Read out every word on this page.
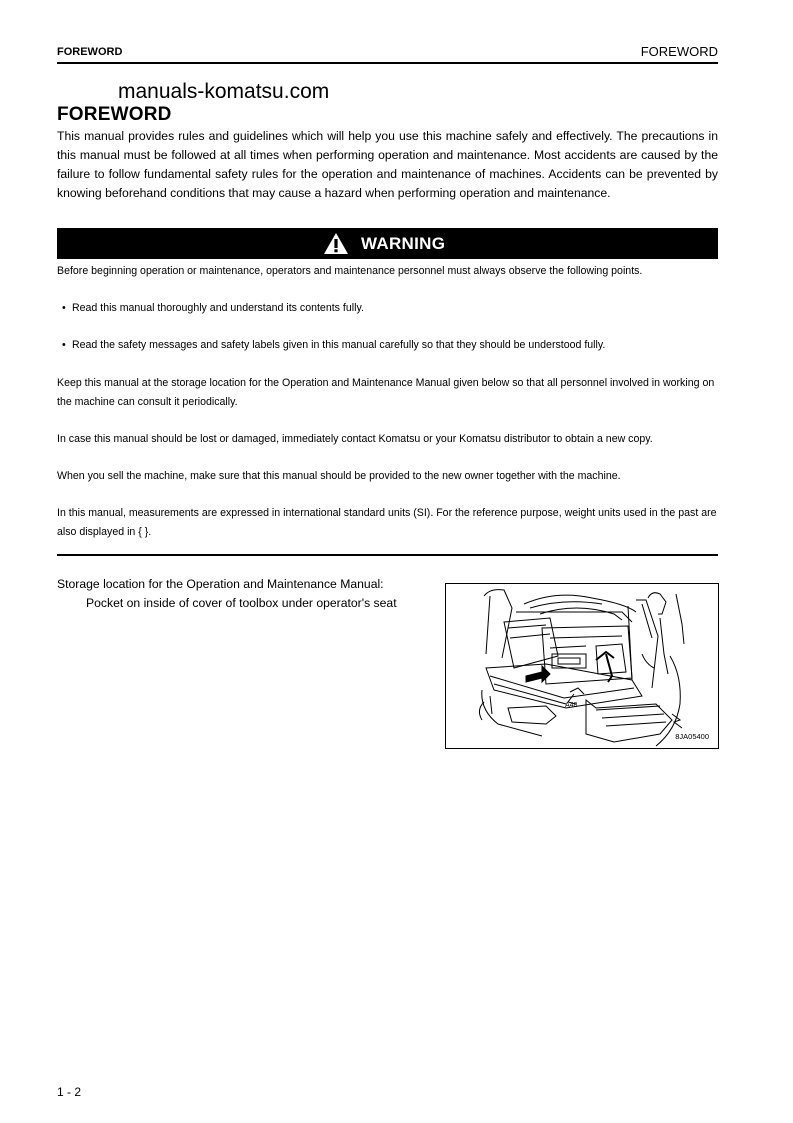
FOREWORD	FOREWORD
manuals-komatsu.com
FOREWORD

This manual provides rules and guidelines which will help you use this machine safely and effectively. The precautions in this manual must be followed at all times when performing operation and maintenance. Most accidents are caused by the failure to follow fundamental safety rules for the operation and maintenance of machines. Accidents can be prevented by knowing beforehand conditions that may cause a hazard when performing operation and maintenance.

WARNING

Before beginning operation or maintenance, operators and maintenance personnel must always observe the following points.

• Read this manual thoroughly and understand its contents fully.
• Read the safety messages and safety labels given in this manual carefully so that they should be understood fully.

Keep this manual at the storage location for the Operation and Maintenance Manual given below so that all personnel involved in working on the machine can consult it periodically.

In case this manual should be lost or damaged, immediately contact Komatsu or your Komatsu distributor to obtain a new copy.

When you sell the machine, make sure that this manual should be provided to the new owner together with the machine.

In this manual, measurements are expressed in international standard units (SI). For the reference purpose, weight units used in the past are also displayed in { }.

Storage location for the Operation and Maintenance Manual:
Pocket on inside of cover of toolbox under operator's seat
A48
8JA05400
1 - 2
